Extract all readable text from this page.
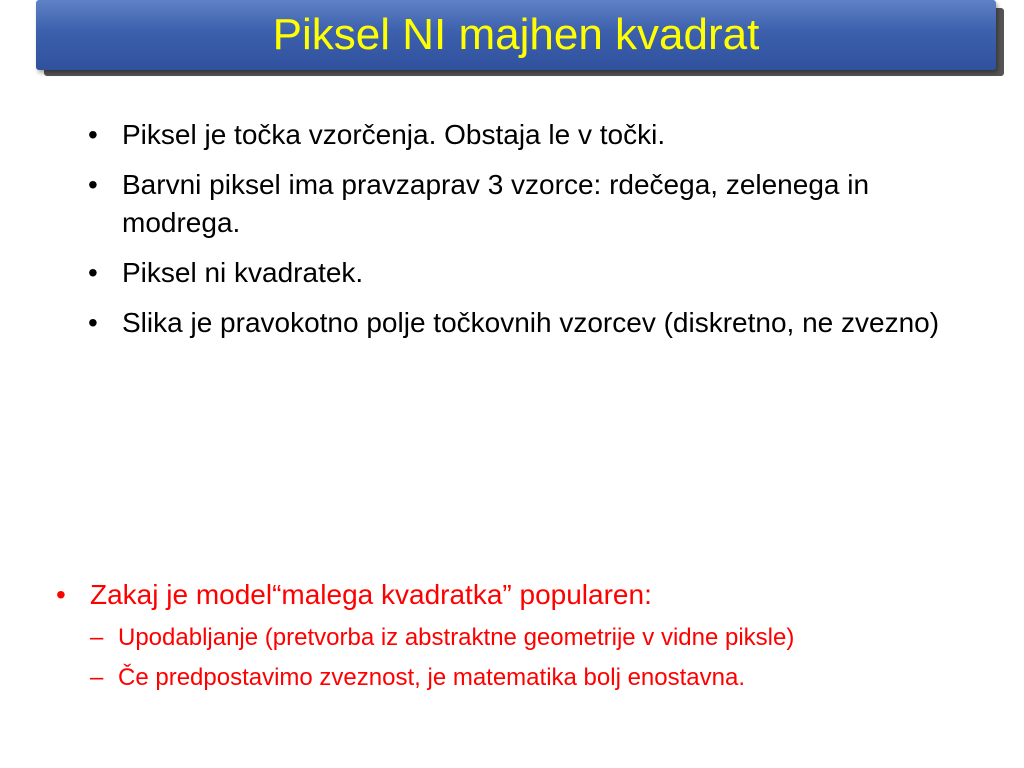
Piksel NI majhen kvadrat
• Piksel je točka vzorčenja. Obstaja le v točki.
• Barvni piksel ima pravzaprav 3 vzorce: rdečega, zelenega in modrega.
• Piksel ni kvadratek.
• Slika je pravokotno polje točkovnih vzorcev (diskretno, ne zvezno)
• Zakaj je model“malega kvadratka” popularen:
– Upodabljanje (pretvorba iz abstraktne geometrije v vidne piksle)
– Če predpostavimo zveznost, je matematika bolj enostavna.
